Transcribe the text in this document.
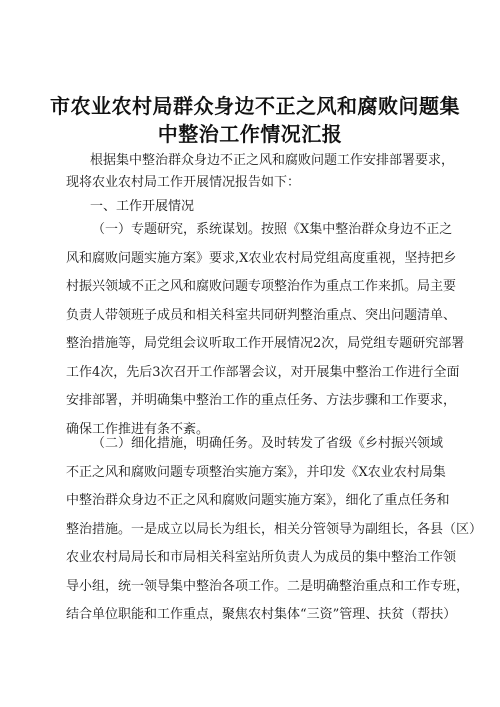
市农业农村局群众身边不正之风和腐败问题集
中整治工作情况汇报
根据集中整治群众身边不正之风和腐败问题工作安排部署要求，
现将农业农村局工作开展情况报告如下：
一、工作开展情况
（一）专题研究，系统谋划。按照《X集中整治群众身边不正之
风和腐败问题实施方案》要求,X农业农村局党组高度重视，坚持把乡
村振兴领域不正之风和腐败问题专项整治作为重点工作来抓。局主要
负责人带领班子成员和相关科室共同研判整治重点、突出问题清单、
整治措施等，局党组会议听取工作开展情况2次，局党组专题研究部署
工作4次，先后3次召开工作部署会议，对开展集中整治工作进行全面
安排部署，并明确集中整治工作的重点任务、方法步骤和工作要求，
确保工作推进有条不紊。
（二）细化措施，明确任务。及时转发了省级《乡村振兴领域
不正之风和腐败问题专项整治实施方案》，并印发《X农业农村局集
中整治群众身边不正之风和腐败问题实施方案》，细化了重点任务和
整治措施。一是成立以局长为组长，相关分管领导为副组长，各县（区）
农业农村局局长和市局相关科室站所负责人为成员的集中整治工作领
导小组，统一领导集中整治各项工作。二是明确整治重点和工作专班，
结合单位职能和工作重点，聚焦农村集体“三资”管理、扶贫（帮扶）
